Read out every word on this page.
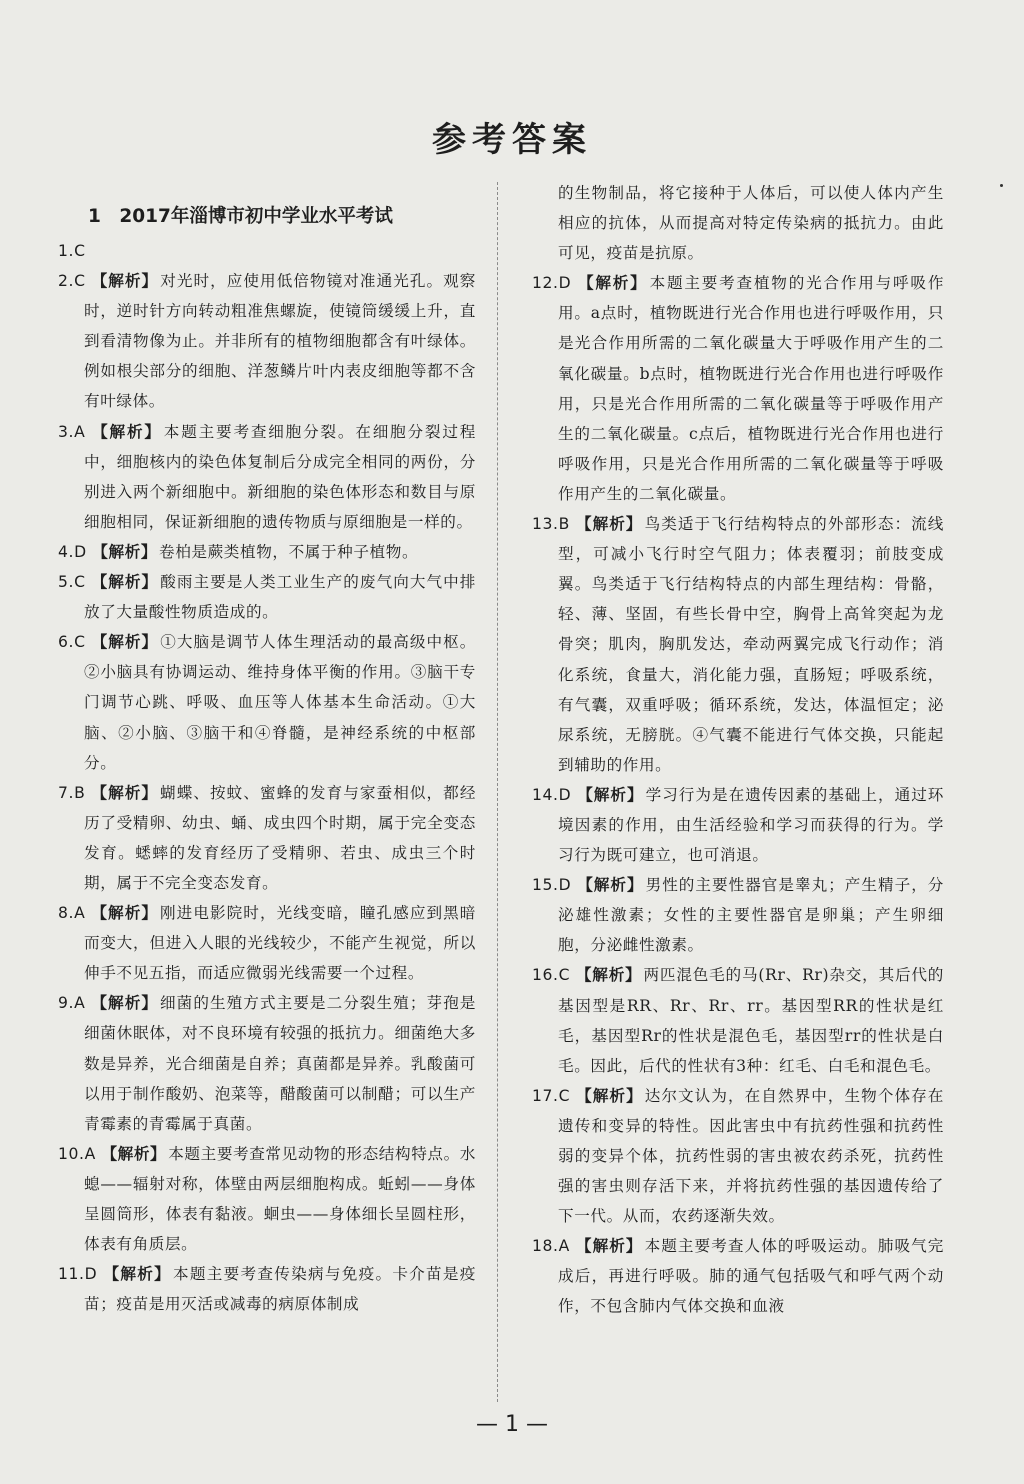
参考答案
1　2017年淄博市初中学业水平考试
1.C
2.C 【解析】 对光时，应使用低倍物镜对准通光孔。观察时，逆时针方向转动粗准焦螺旋，使镜筒缓缓上升，直到看清物像为止。并非所有的植物细胞都含有叶绿体。例如根尖部分的细胞、洋葱鳞片叶内表皮细胞等都不含有叶绿体。
3.A 【解析】 本题主要考查细胞分裂。在细胞分裂过程中，细胞核内的染色体复制后分成完全相同的两份，分别进入两个新细胞中。新细胞的染色体形态和数目与原细胞相同，保证新细胞的遗传物质与原细胞是一样的。
4.D 【解析】 卷柏是蕨类植物，不属于种子植物。
5.C 【解析】 酸雨主要是人类工业生产的废气向大气中排放了大量酸性物质造成的。
6.C 【解析】 ①大脑是调节人体生理活动的最高级中枢。②小脑具有协调运动、维持身体平衡的作用。③脑干专门调节心跳、呼吸、血压等人体基本生命活动。①大脑、②小脑、③脑干和④脊髓，是神经系统的中枢部分。
7.B 【解析】 蝴蝶、按蚊、蜜蜂的发育与家蚕相似，都经历了受精卵、幼虫、蛹、成虫四个时期，属于完全变态发育。蟋蟀的发育经历了受精卵、若虫、成虫三个时期，属于不完全变态发育。
8.A 【解析】 刚进电影院时，光线变暗，瞳孔感应到黑暗而变大，但进入人眼的光线较少，不能产生视觉，所以伸手不见五指，而适应微弱光线需要一个过程。
9.A 【解析】 细菌的生殖方式主要是二分裂生殖；芽孢是细菌休眠体，对不良环境有较强的抵抗力。细菌绝大多数是异养，光合细菌是自养；真菌都是异养。乳酸菌可以用于制作酸奶、泡菜等，醋酸菌可以制醋；可以生产青霉素的青霉属于真菌。
10.A 【解析】 本题主要考查常见动物的形态结构特点。水螅——辐射对称，体壁由两层细胞构成。蚯蚓——身体呈圆筒形，体表有黏液。蛔虫——身体细长呈圆柱形，体表有角质层。
11.D 【解析】 本题主要考查传染病与免疫。卡介苗是疫苗；疫苗是用灭活或减毒的病原体制成
的生物制品，将它接种于人体后，可以使人体内产生相应的抗体，从而提高对特定传染病的抵抗力。由此可见，疫苗是抗原。
12.D 【解析】 本题主要考查植物的光合作用与呼吸作用。a点时，植物既进行光合作用也进行呼吸作用，只是光合作用所需的二氧化碳量大于呼吸作用产生的二氧化碳量。b点时，植物既进行光合作用也进行呼吸作用，只是光合作用所需的二氧化碳量等于呼吸作用产生的二氧化碳量。c点后，植物既进行光合作用也进行呼吸作用，只是光合作用所需的二氧化碳量等于呼吸作用产生的二氧化碳量。
13.B 【解析】 鸟类适于飞行结构特点的外部形态：流线型，可减小飞行时空气阻力；体表覆羽；前肢变成翼。鸟类适于飞行结构特点的内部生理结构：骨骼，轻、薄、坚固，有些长骨中空，胸骨上高耸突起为龙骨突；肌肉，胸肌发达，牵动两翼完成飞行动作；消化系统，食量大，消化能力强，直肠短；呼吸系统，有气囊，双重呼吸；循环系统，发达，体温恒定；泌尿系统，无膀胱。④气囊不能进行气体交换，只能起到辅助的作用。
14.D 【解析】 学习行为是在遗传因素的基础上，通过环境因素的作用，由生活经验和学习而获得的行为。学习行为既可建立，也可消退。
15.D 【解析】 男性的主要性器官是睾丸；产生精子，分泌雄性激素；女性的主要性器官是卵巢；产生卵细胞，分泌雌性激素。
16.C 【解析】 两匹混色毛的马(Rr、Rr)杂交，其后代的基因型是RR、Rr、Rr、rr。基因型RR的性状是红毛，基因型Rr的性状是混色毛，基因型rr的性状是白毛。因此，后代的性状有3种：红毛、白毛和混色毛。
17.C 【解析】 达尔文认为，在自然界中，生物个体存在遗传和变异的特性。因此害虫中有抗药性强和抗药性弱的变异个体，抗药性弱的害虫被农药杀死，抗药性强的害虫则存活下来，并将抗药性强的基因遗传给了下一代。从而，农药逐渐失效。
18.A 【解析】 本题主要考查人体的呼吸运动。肺吸气完成后，再进行呼吸。肺的通气包括吸气和呼气两个动作，不包含肺内气体交换和血液
— 1 —
